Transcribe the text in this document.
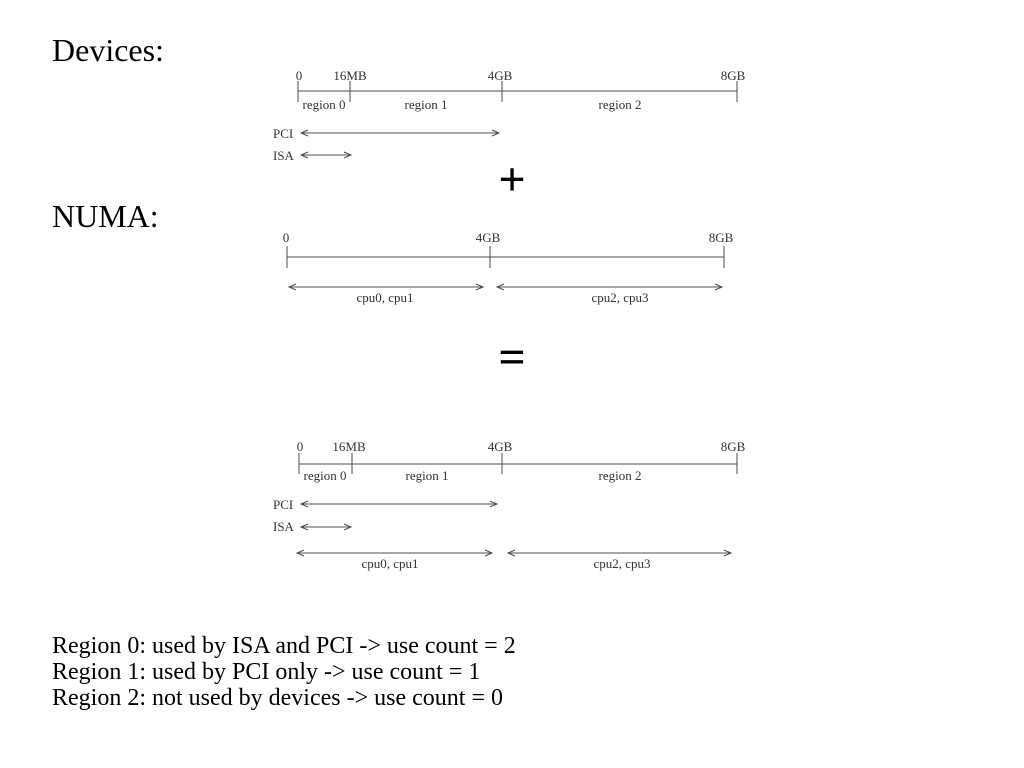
Devices:
0 16MB	4GB	8GB
region 0	region 1	region 2
PCI
ISA	+
NUMA:
0	4GB	8GB
cpu0, cpu1	cpu2, cpu3
=
0 16MB	4GB	8GB
region 0	region 1	region 2
PCI
ISA
cpu0, cpu1	cpu2, cpu3
Region 0: used by ISA and PCI -> use count = 2
Region 1: used by PCI only -> use count = 1
Region 2: not used by devices -> use count = 0
